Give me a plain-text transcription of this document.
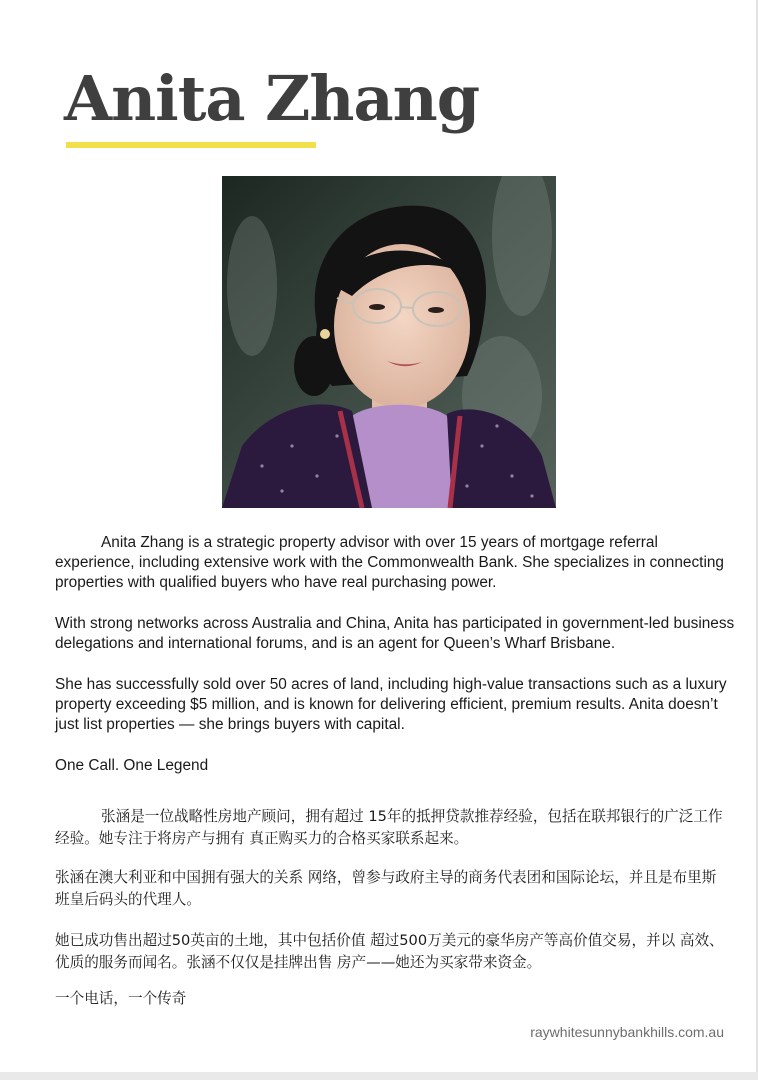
Anita Zhang

Anita Zhang is a strategic property advisor with over 15 years of mortgage referral experience, including extensive work with the Commonwealth Bank. She specializes in connecting properties with qualified buyers who have real purchasing power.

With strong networks across Australia and China, Anita has participated in government-led business delegations and international forums, and is an agent for Queen’s Wharf Brisbane.

She has successfully sold over 50 acres of land, including high-value transactions such as a luxury property exceeding $5 million, and is known for delivering efficient, premium results. Anita doesn’t just list properties — she brings buyers with capital.

One Call. One Legend

张涵是一位战略性房地产顾问，拥有超过 15年的抵押贷款推荐经验，包括在联邦银行的广泛工作经验。她专注于将房产与拥有 真正购买力的合格买家联系起来。

张涵在澳大利亚和中国拥有强大的关系 网络，曾参与政府主导的商务代表团和国际论坛，并且是布里斯班皇后码头的代理人。

她已成功售出超过50英亩的土地，其中包括价值 超过500万美元的豪华房产等高价值交易，并以 高效、优质的服务而闻名。张涵不仅仅是挂牌出售 房产——她还为买家带来资金。

一个电话，一个传奇

raywhitesunnybankhills.com.au
